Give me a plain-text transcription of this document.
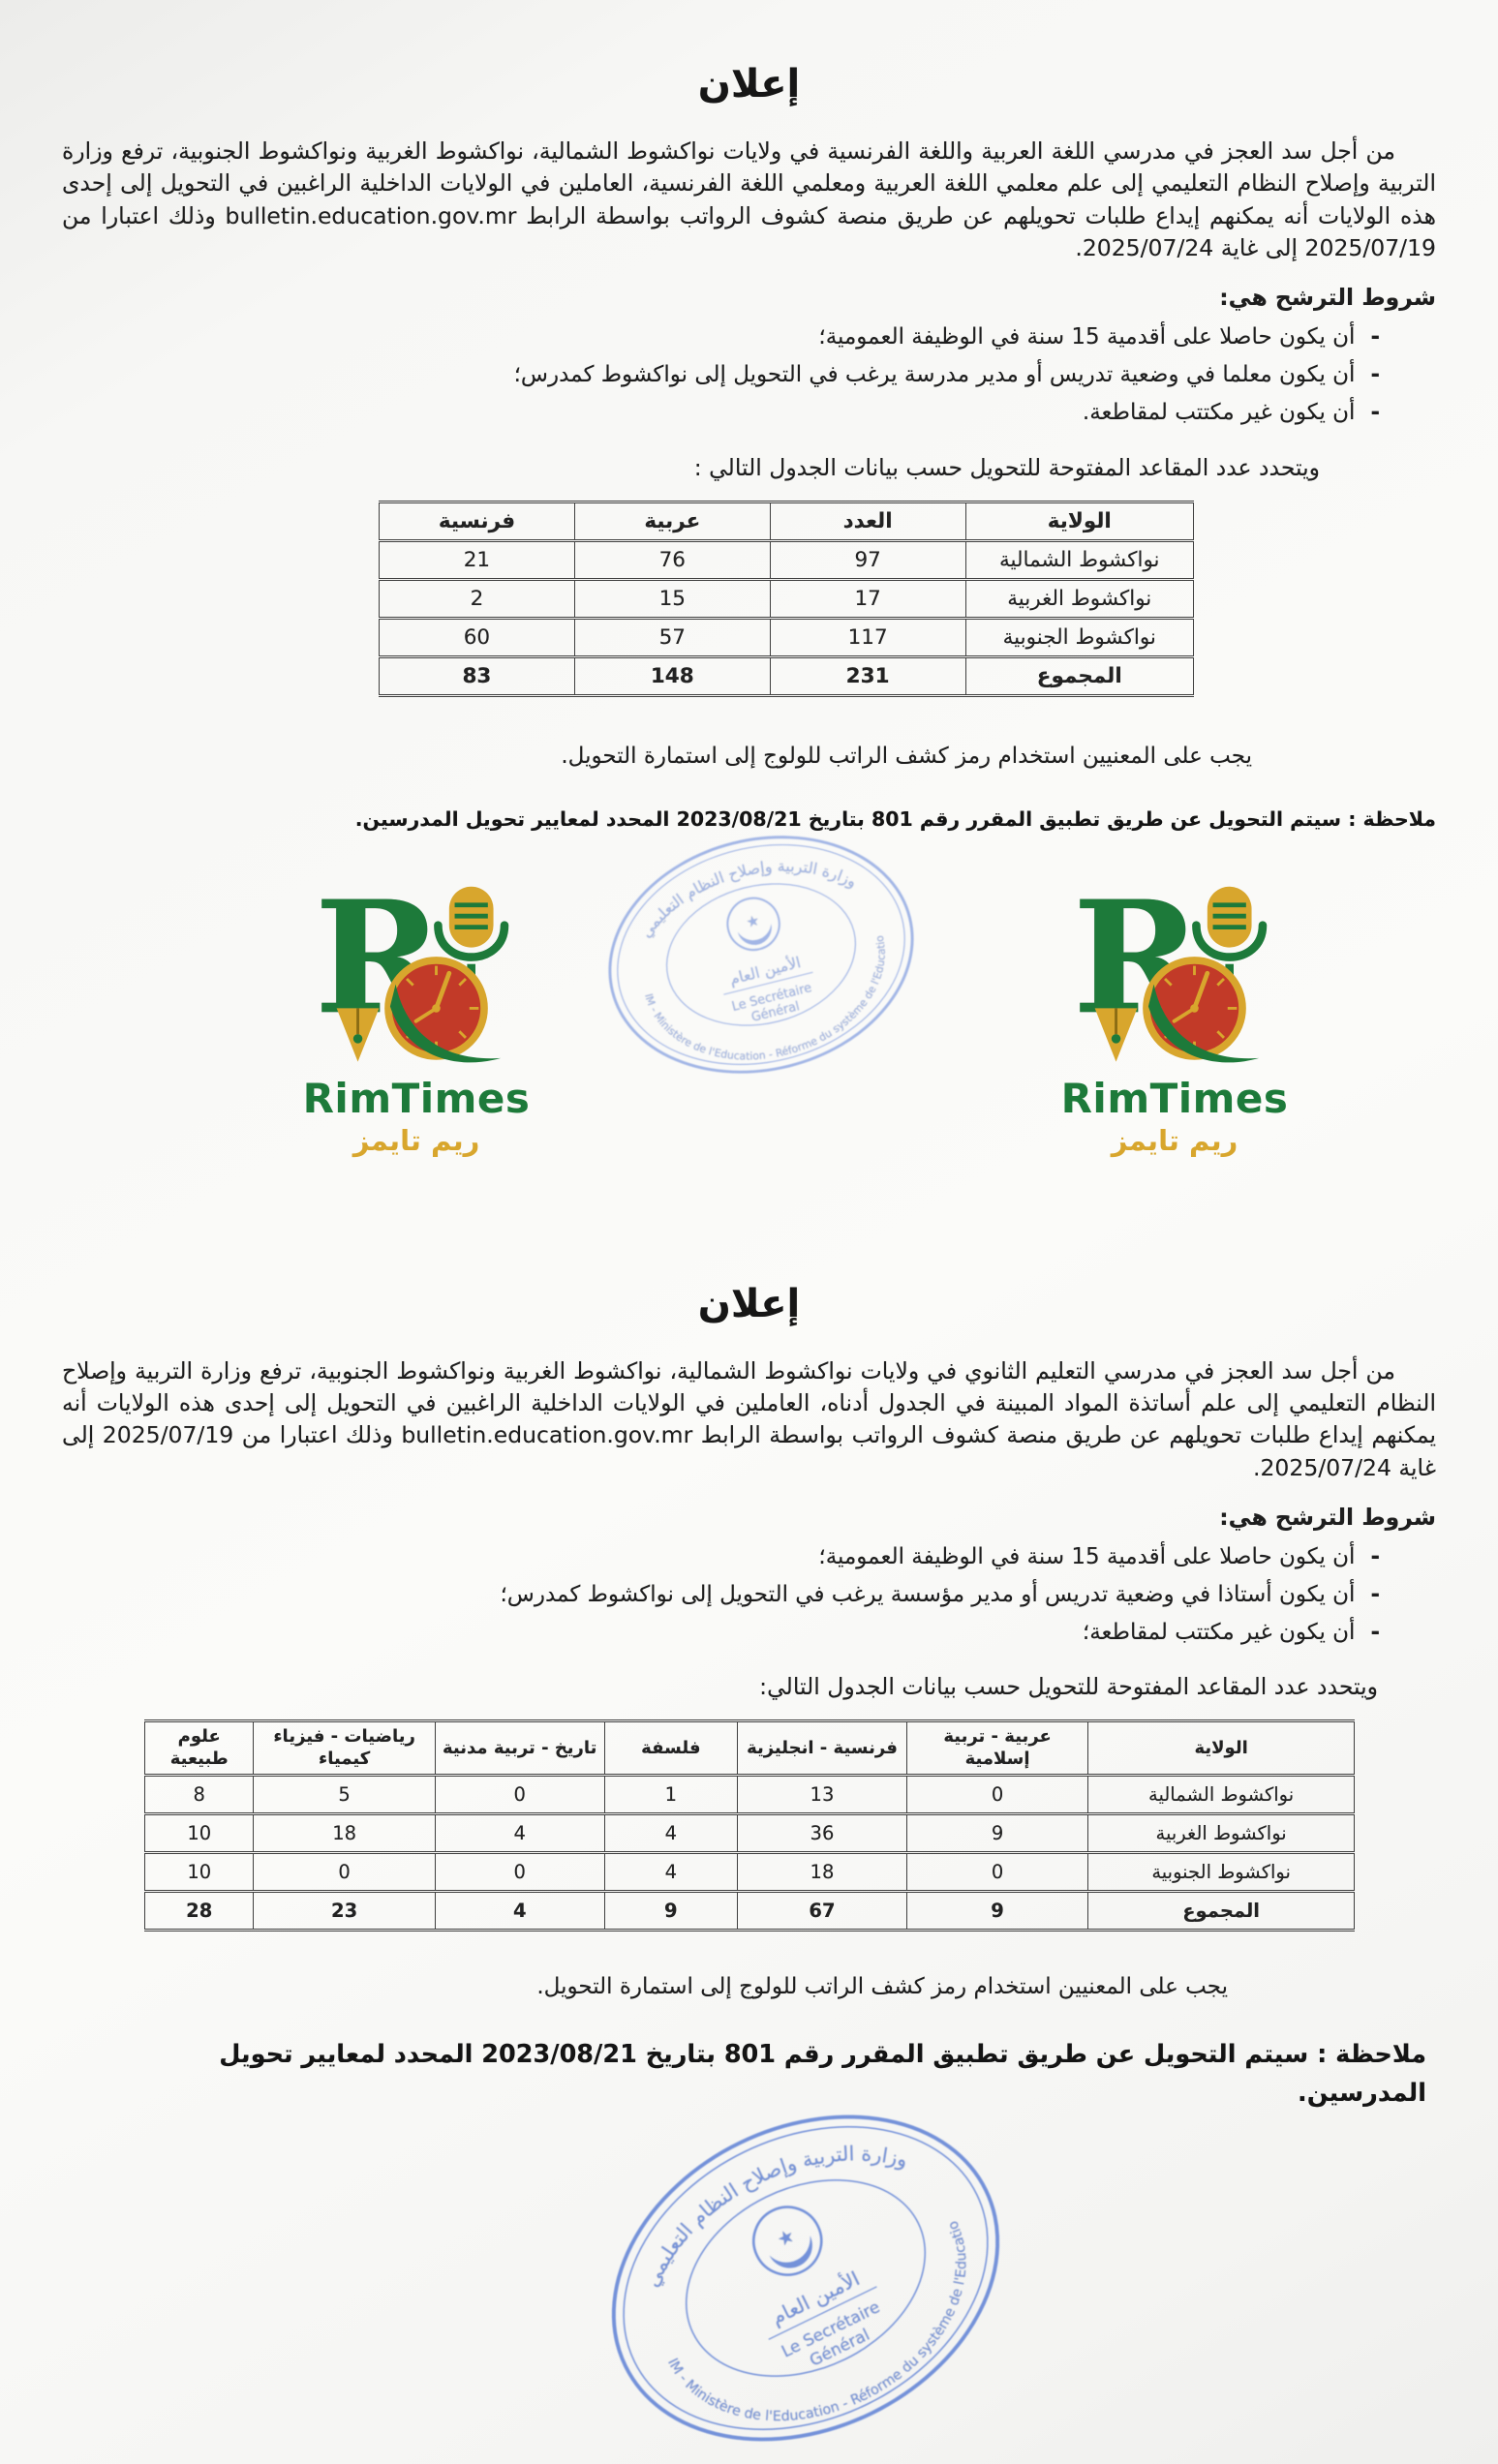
إعلان

من أجل سد العجز في مدرسي اللغة العربية واللغة الفرنسية في ولايات نواكشوط الشمالية، نواكشوط الغربية ونواكشوط الجنوبية، ترفع وزارة التربية وإصلاح النظام التعليمي إلى علم معلمي اللغة العربية ومعلمي اللغة الفرنسية، العاملين في الولايات الداخلية الراغبين في التحويل إلى إحدى هذه الولايات أنه يمكنهم إيداع طلبات تحويلهم عن طريق منصة كشوف الرواتب بواسطة الرابط bulletin.education.gov.mr وذلك اعتبارا من 2025/07/19 إلى غاية 2025/07/24.

شروط الترشح هي:
- أن يكون حاصلا على أقدمية 15 سنة في الوظيفة العمومية؛
- أن يكون معلما في وضعية تدريس أو مدير مدرسة يرغب في التحويل إلى نواكشوط كمدرس؛
- أن يكون غير مكتتب لمقاطعة.
ويتحدد عدد المقاعد المفتوحة للتحويل حسب بيانات الجدول التالي :
الولاية	العدد	عربية	فرنسية
نواكشوط الشمالية	97	76	21
نواكشوط الغربية	17	15	2
نواكشوط الجنوبية	117	57	60
المجموع	231	148	83
يجب على المعنيين استخدام رمز كشف الراتب للولوج إلى استمارة التحويل.
ملاحظة : سيتم التحويل عن طريق تطبيق المقرر رقم 801 بتاريخ 2023/08/21 المحدد لمعايير تحويل المدرسين.
RimTimes
ريم تايمز
RimTimes
ريم تايمز
إعلان

من أجل سد العجز في مدرسي التعليم الثانوي في ولايات نواكشوط الشمالية، نواكشوط الغربية ونواكشوط الجنوبية، ترفع وزارة التربية وإصلاح النظام التعليمي إلى علم أساتذة المواد المبينة في الجدول أدناه، العاملين في الولايات الداخلية الراغبين في التحويل إلى إحدى هذه الولايات أنه يمكنهم إيداع طلبات تحويلهم عن طريق منصة كشوف الرواتب بواسطة الرابط bulletin.education.gov.mr وذلك اعتبارا من 2025/07/19 إلى غاية 2025/07/24.

شروط الترشح هي:
- أن يكون حاصلا على أقدمية 15 سنة في الوظيفة العمومية؛
- أن يكون أستاذا في وضعية تدريس أو مدير مؤسسة يرغب في التحويل إلى نواكشوط كمدرس؛
- أن يكون غير مكتتب لمقاطعة؛
ويتحدد عدد المقاعد المفتوحة للتحويل حسب بيانات الجدول التالي:
الولاية	عربية - تربية إسلامية	فرنسية - انجليزية	فلسفة	تاريخ - تربية مدنية	رياضيات - فيزياء كيمياء	علوم طبيعية
نواكشوط الشمالية	0	13	1	0	5	8
نواكشوط الغربية	9	36	4	4	18	10
نواكشوط الجنوبية	0	18	4	0	0	10
المجموع	9	67	9	4	23	28
يجب على المعنيين استخدام رمز كشف الراتب للولوج إلى استمارة التحويل.
ملاحظة : سيتم التحويل عن طريق تطبيق المقرر رقم 801 بتاريخ 2023/08/21 المحدد لمعايير تحويل المدرسين.
